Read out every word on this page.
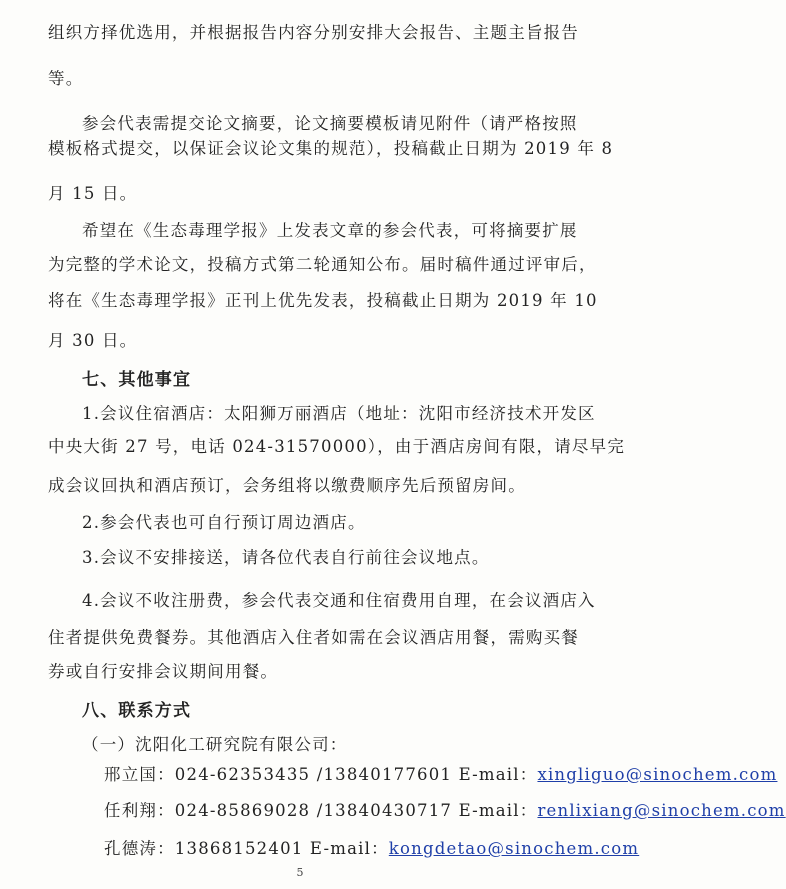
组织方择优选用，并根据报告内容分别安排大会报告、主题主旨报告
等。
参会代表需提交论文摘要，论文摘要模板请见附件（请严格按照
模板格式提交，以保证会议论文集的规范），投稿截止日期为 2019 年 8
月 15 日。
希望在《生态毒理学报》上发表文章的参会代表，可将摘要扩展
为完整的学术论文，投稿方式第二轮通知公布。届时稿件通过评审后，
将在《生态毒理学报》正刊上优先发表，投稿截止日期为 2019 年 10
月 30 日。
七、其他事宜
1.会议住宿酒店：太阳狮万丽酒店（地址：沈阳市经济技术开发区
中央大街 27 号，电话 024-31570000），由于酒店房间有限，请尽早完
成会议回执和酒店预订，会务组将以缴费顺序先后预留房间。
2.参会代表也可自行预订周边酒店。
3.会议不安排接送，请各位代表自行前往会议地点。
4.会议不收注册费，参会代表交通和住宿费用自理，在会议酒店入
住者提供免费餐券。其他酒店入住者如需在会议酒店用餐，需购买餐
券或自行安排会议期间用餐。
八、联系方式
（一）沈阳化工研究院有限公司：
邢立国：024-62353435 /13840177601 E-mail：xingliguo@sinochem.com
任利翔：024-85869028 /13840430717 E-mail：renlixiang@sinochem.com
孔德涛：13868152401 E-mail：kongdetao@sinochem.com
5
